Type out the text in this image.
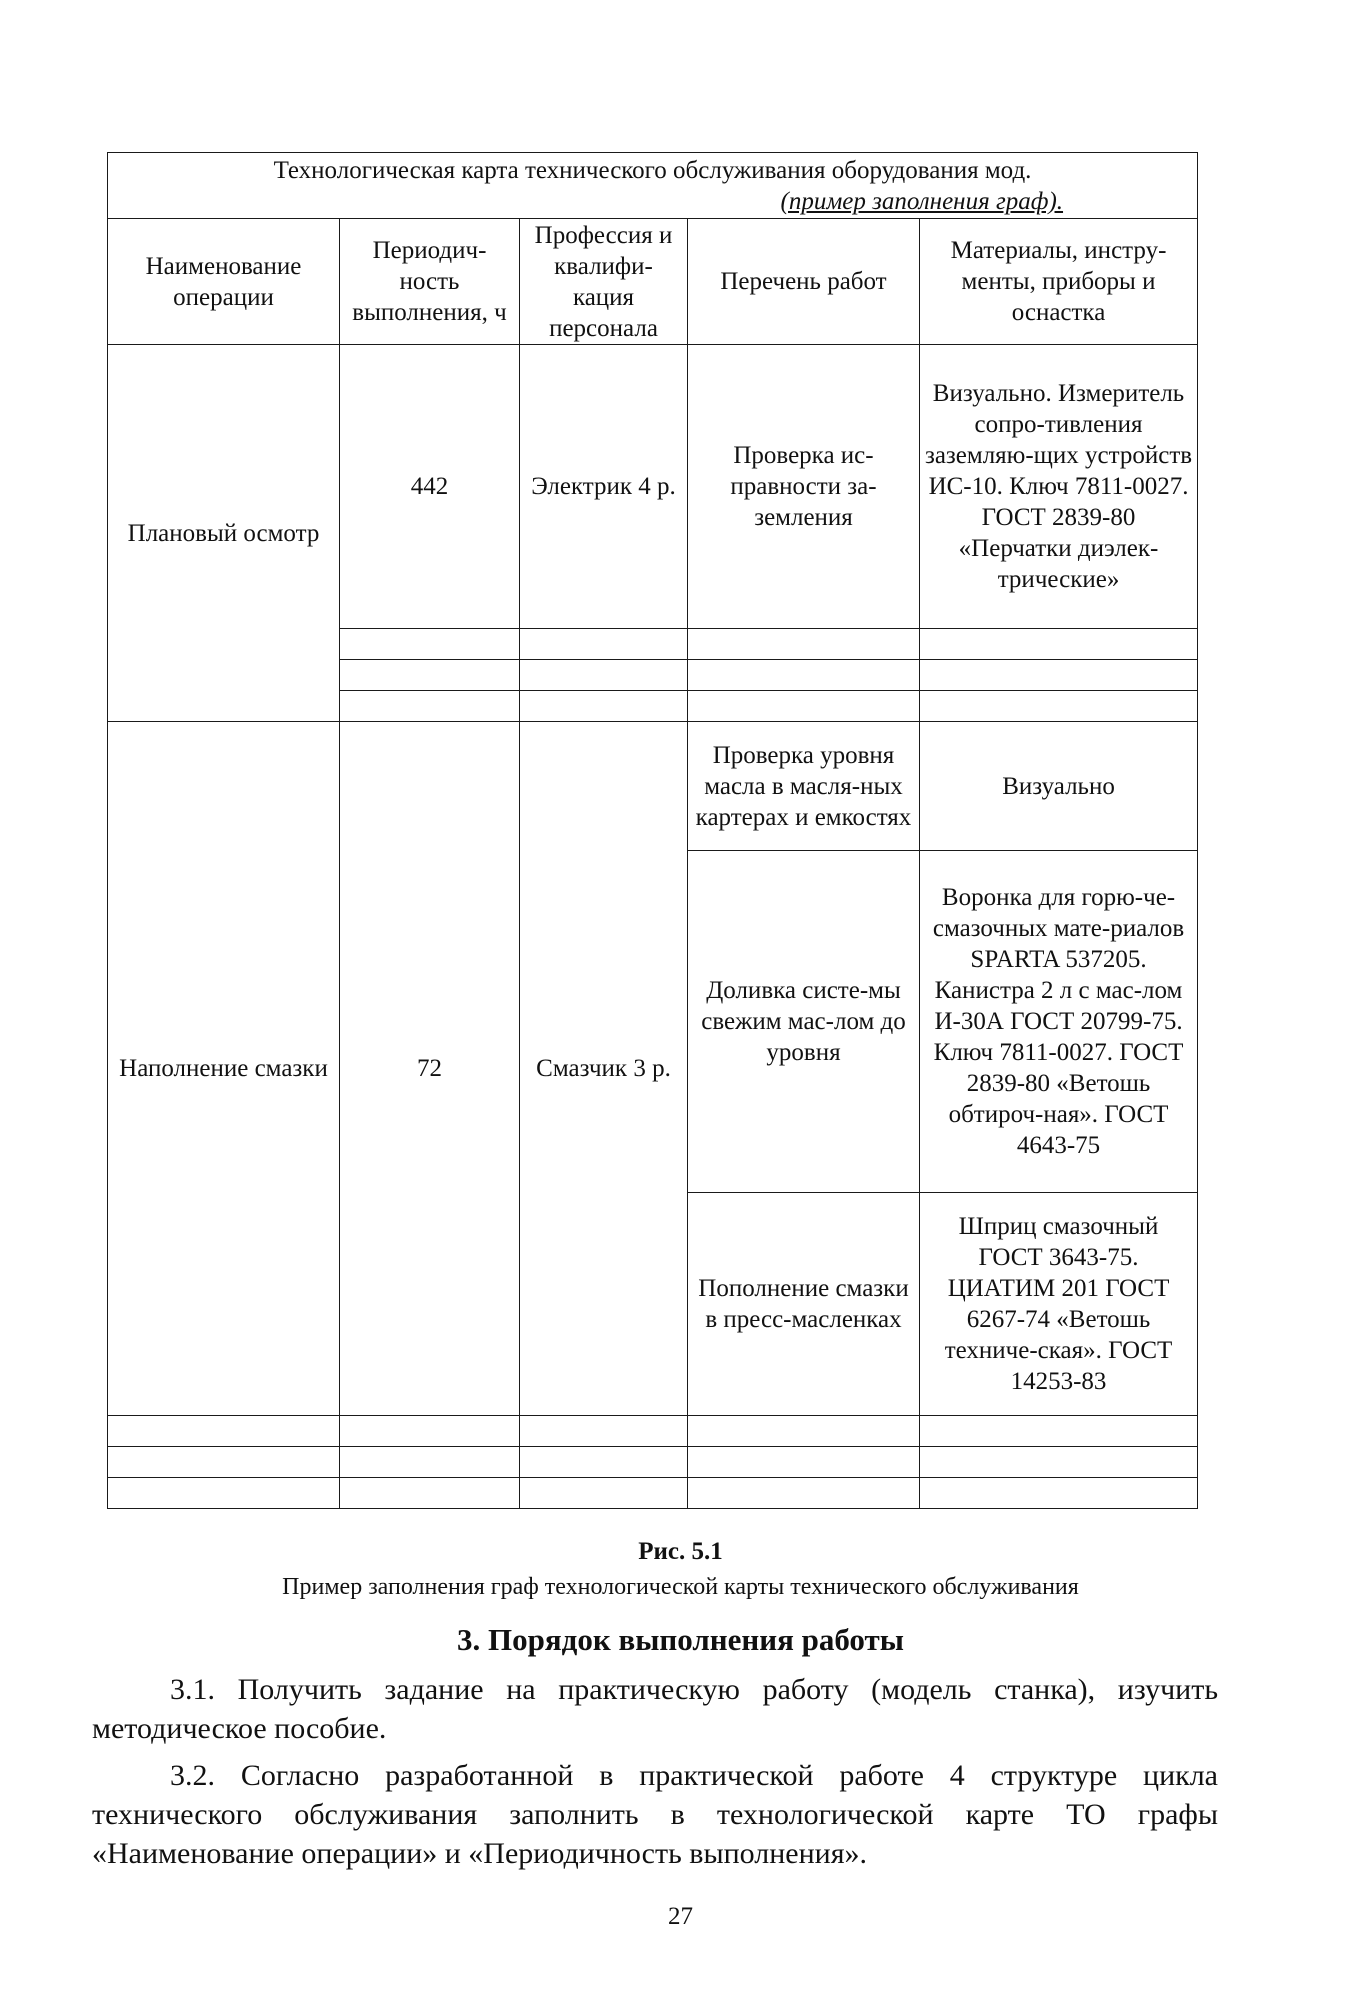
Технологическая карта технического обслуживания оборудования мод.
(пример заполнения граф).				

Наименование операции	Периодич-ность выполнения, ч	Профессия и квалифи-кация персонала	Перечень работ	Материалы, инстру-менты, приборы и оснастка
Плановый осмотр	442	Электрик 4 р.	Проверка ис-правности за-земления	Визуально. Измеритель сопро-тивления заземляю-щих устройств ИС-10. Ключ 7811-0027. ГОСТ 2839-80 «Перчатки диэлек-трические»

Наполнение смазки	72	Смазчик 3 р.	Проверка уровня масла в масля-ных картерах и емкостях	Визуально
			Доливка систе-мы свежим мас-лом до уровня	Воронка для горю-че-смазочных мате-риалов SPARTA 537205. Канистра 2 л с мас-лом И-30А ГОСТ 20799-75. Ключ 7811-0027. ГОСТ 2839-80 «Ветошь обтироч-ная». ГОСТ 4643-75
			Пополнение смазки в пресс-масленках	Шприц смазочный ГОСТ 3643-75. ЦИАТИМ 201 ГОСТ 6267-74 «Ветошь техниче-ская». ГОСТ 14253-83

Рис. 5.1
Пример заполнения граф технологической карты технического обслуживания
3. Порядок выполнения работы

3.1. Получить задание на практическую работу (модель станка), изучить методическое пособие.

3.2. Согласно разработанной в практической работе 4 структуре цикла технического обслуживания заполнить в технологической карте ТО графы «Наименование операции» и «Периодичность выполнения».

27
